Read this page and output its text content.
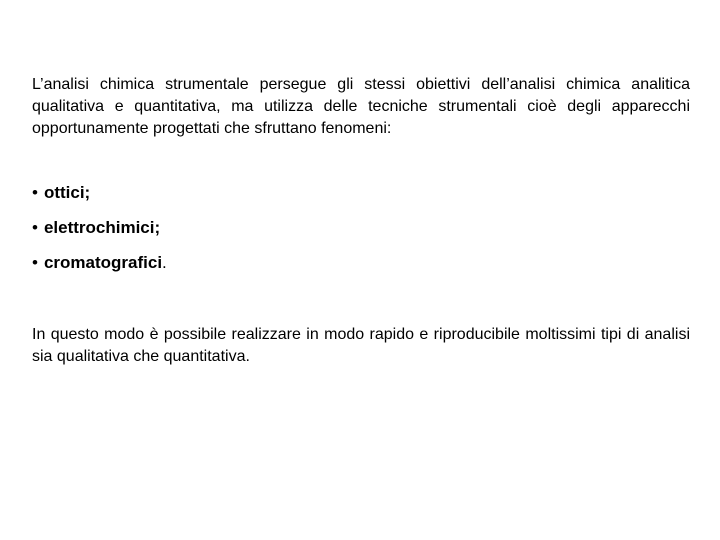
L’analisi chimica strumentale persegue gli stessi obiettivi dell’analisi chimica analitica qualitativa e quantitativa, ma utilizza delle tecniche strumentali cioè degli apparecchi opportunamente progettati che sfruttano fenomeni:

• ottici;
• elettrochimici;
• cromatografici.

In questo modo è possibile realizzare in modo rapido e riproducibile moltissimi tipi di analisi sia qualitativa che quantitativa.
